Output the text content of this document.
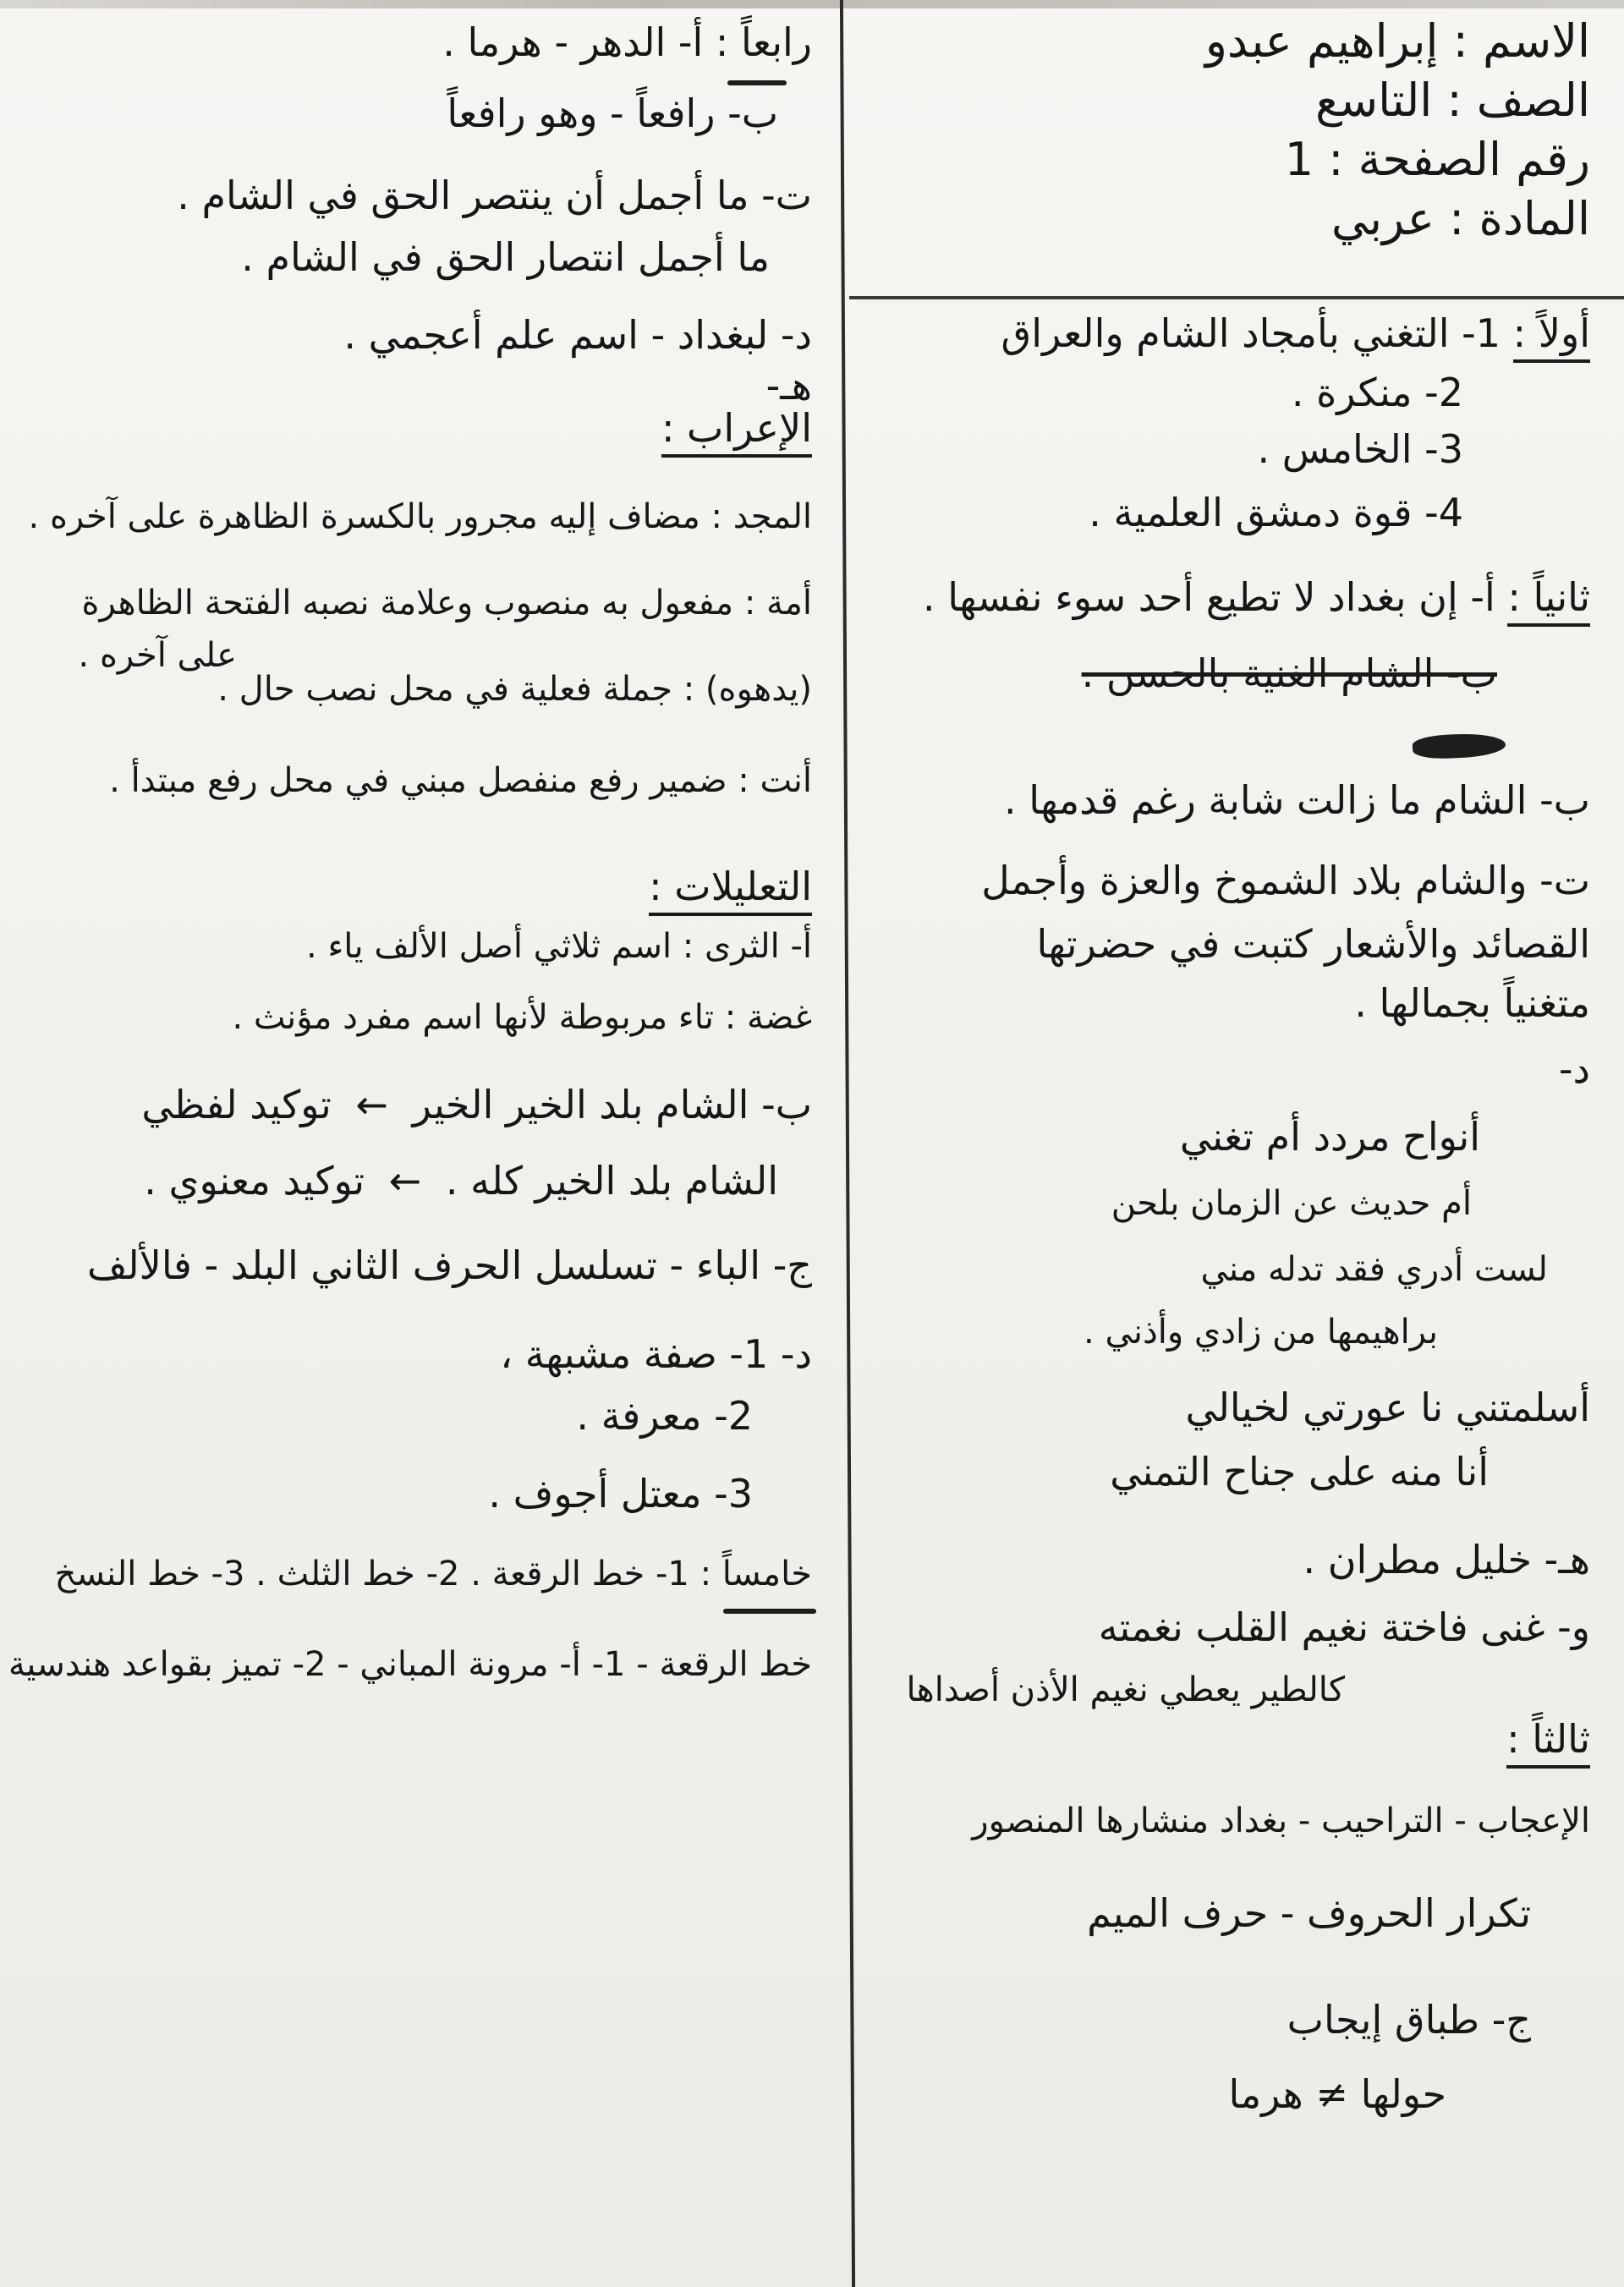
الاسم : إبراهيم عبدو
الصف : التاسع
رقم الصفحة : 1
المادة : عربي
أولاً : 1- التغني بأمجاد الشام والعراق
2- منكرة .
3- الخامس .
4- قوة دمشق العلمية .
ثانياً : أ- إن بغداد لا تطيع أحد سوء نفسها .
ب- الشام الغنية بالحسن .
ب- الشام ما زالت شابة رغم قدمها .
ت- والشام بلاد الشموخ والعزة وأجمل
القصائد والأشعار كتبت في حضرتها
متغنياً بجمالها .
د-
أنواح مردد أم تغني
أم حديث عن الزمان بلحن
لست أدري فقد تدله مني
براهيمها من زادي وأذني .
أسلمتني نا عورتي لخيالي
أنا منه على جناح التمني
هـ- خليل مطران .
و- غنى فاختة نغيم القلب نغمته
كالطير يعطي نغيم الأذن أصداها
ثالثاً :
الإعجاب - التراحيب - بغداد منشارها المنصور
تكرار الحروف - حرف الميم
ج- طباق إيجاب
حولها ≠ هرما
رابعاً : أ- الدهر - هرما .
ب- رافعاً - وهو رافعاً
ت- ما أجمل أن ينتصر الحق في الشام .
ما أجمل انتصار الحق في الشام .
د- لبغداد - اسم علم أعجمي .
هـ-
الإعراب :
المجد : مضاف إليه مجرور بالكسرة الظاهرة على آخره .
أمة : مفعول به منصوب وعلامة نصبه الفتحة الظاهرة
على آخره .
(يدهوه) : جملة فعلية في محل نصب حال .
أنت : ضمير رفع منفصل مبني في محل رفع مبتدأ .
التعليلات :
أ- الثرى : اسم ثلاثي أصل الألف ياء .
غضة : تاء مربوطة لأنها اسم مفرد مؤنث .
ب- الشام بلد الخير الخير ← توكيد لفظي
الشام بلد الخير كله . ← توكيد معنوي .
ج- الباء - تسلسل الحرف الثاني البلد - فالألف
د- 1- صفة مشبهة ،
2- معرفة .
3- معتل أجوف .
خامساً : 1- خط الرقعة . 2- خط الثلث . 3- خط النسخ
خط الرقعة - 1- أ- مرونة المباني - 2- تميز بقواعد هندسية
